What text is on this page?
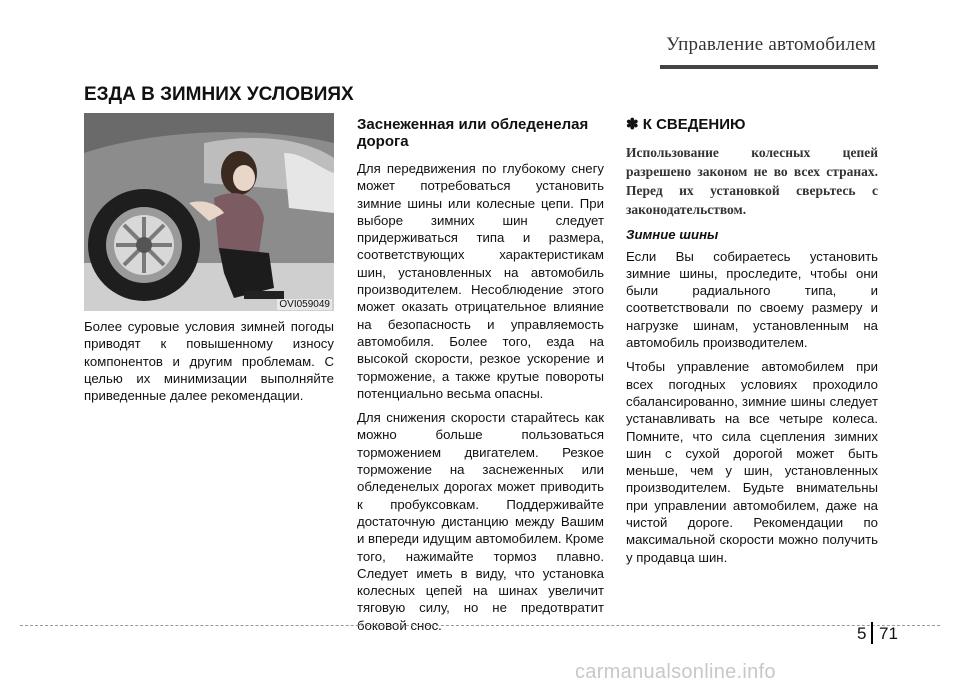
Управление автомобилем
ЕЗДА В ЗИМНИХ УСЛОВИЯХ
OVI059049

Более суровые условия зимней погоды приводят к повышенному износу компонентов и другим проблемам. С целью их минимизации выполняйте приведенные далее рекомендации.

Заснеженная или обледенелая дорога

Для передвижения по глубокому снегу может потребоваться установить зимние шины или колесные цепи. При выборе зимних шин следует придерживаться типа и размера, соответствующих характеристикам шин, установленных на автомобиль производителем. Несоблюдение этого может оказать отрицательное влияние на безопасность и управляемость автомобиля. Более того, езда на высокой скорости, резкое ускорение и торможение, а также крутые повороты потенциально весьма опасны.

Для снижения скорости старайтесь как можно больше пользоваться торможением двигателем. Резкое торможение на заснеженных или обледенелых дорогах может приводить к пробуксовкам. Поддерживайте достаточную дистанцию между Вашим и впереди идущим автомобилем. Кроме того, нажимайте тормоз плавно. Следует иметь в виду, что установка колесных цепей на шинах увеличит тяговую силу, но не предотвратит боковой снос.

✽ К СВЕДЕНИЮ

Использование колесных цепей разрешено законом не во всех странах. Перед их установкой сверьтесь с законодательством.

Зимние шины

Если Вы собираетесь установить зимние шины, проследите, чтобы они были радиального типа, и соответствовали по своему размеру и нагрузке шинам, установленным на автомобиль производителем.

Чтобы управление автомобилем при всех погодных условиях проходило сбалансированно, зимние шины следует устанавливать на все четыре колеса. Помните, что сила сцепления зимних шин с сухой дорогой может быть меньше, чем у шин, установленных производителем. Будьте внимательны при управлении автомобилем, даже на чистой дороге. Рекомендации по максимальной скорости можно получить у продавца шин.

5 71
carmanualsonline.info
